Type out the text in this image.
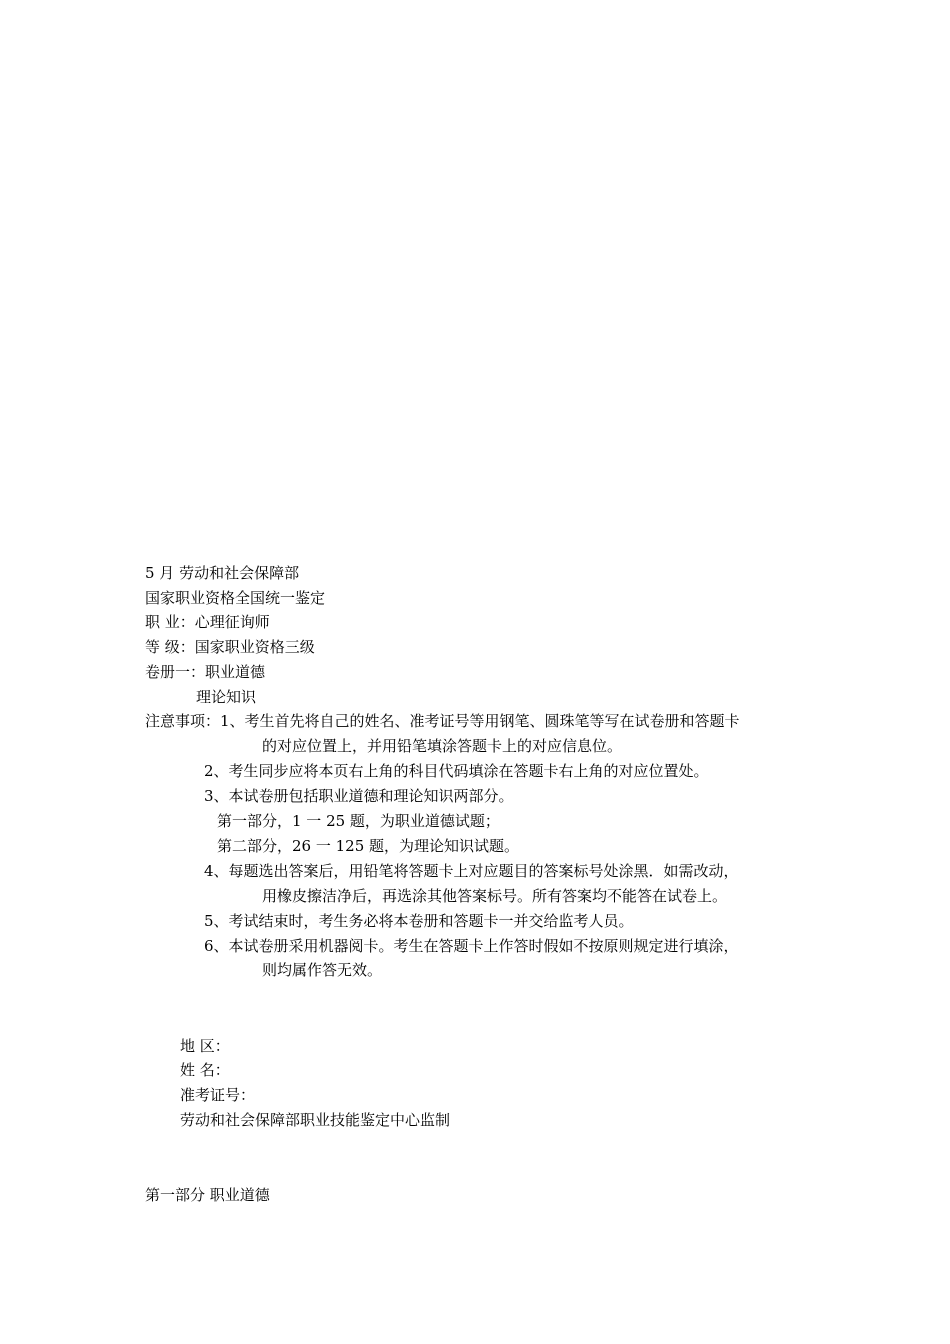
5 月 劳动和社会保障部
国家职业资格全国统一鉴定
职 业：心理征询师
等 级：国家职业资格三级
卷册一：职业道德
理论知识
注意事项：1、考生首先将自己的姓名、准考证号等用钢笔、圆珠笔等写在试卷册和答题卡
的对应位置上，并用铅笔填涂答题卡上的对应信息位。
2、考生同步应将本页右上角的科目代码填涂在答题卡右上角的对应位置处。
3、本试卷册包括职业道德和理论知识两部分。
第一部分，1 一 25 题，为职业道德试题；
第二部分，26 一 125 题，为理论知识试题。
4、每题选出答案后，用铅笔将答题卡上对应题目的答案标号处涂黑．如需改动，
用橡皮擦洁净后，再选涂其他答案标号。所有答案均不能答在试卷上。
5、考试结束时，考生务必将本卷册和答题卡一并交给监考人员。
6、本试卷册采用机器阅卡。考生在答题卡上作答时假如不按原则规定进行填涂，
则均属作答无效。
地 区：
姓 名：
准考证号：
劳动和社会保障部职业技能鉴定中心监制
第一部分 职业道德
